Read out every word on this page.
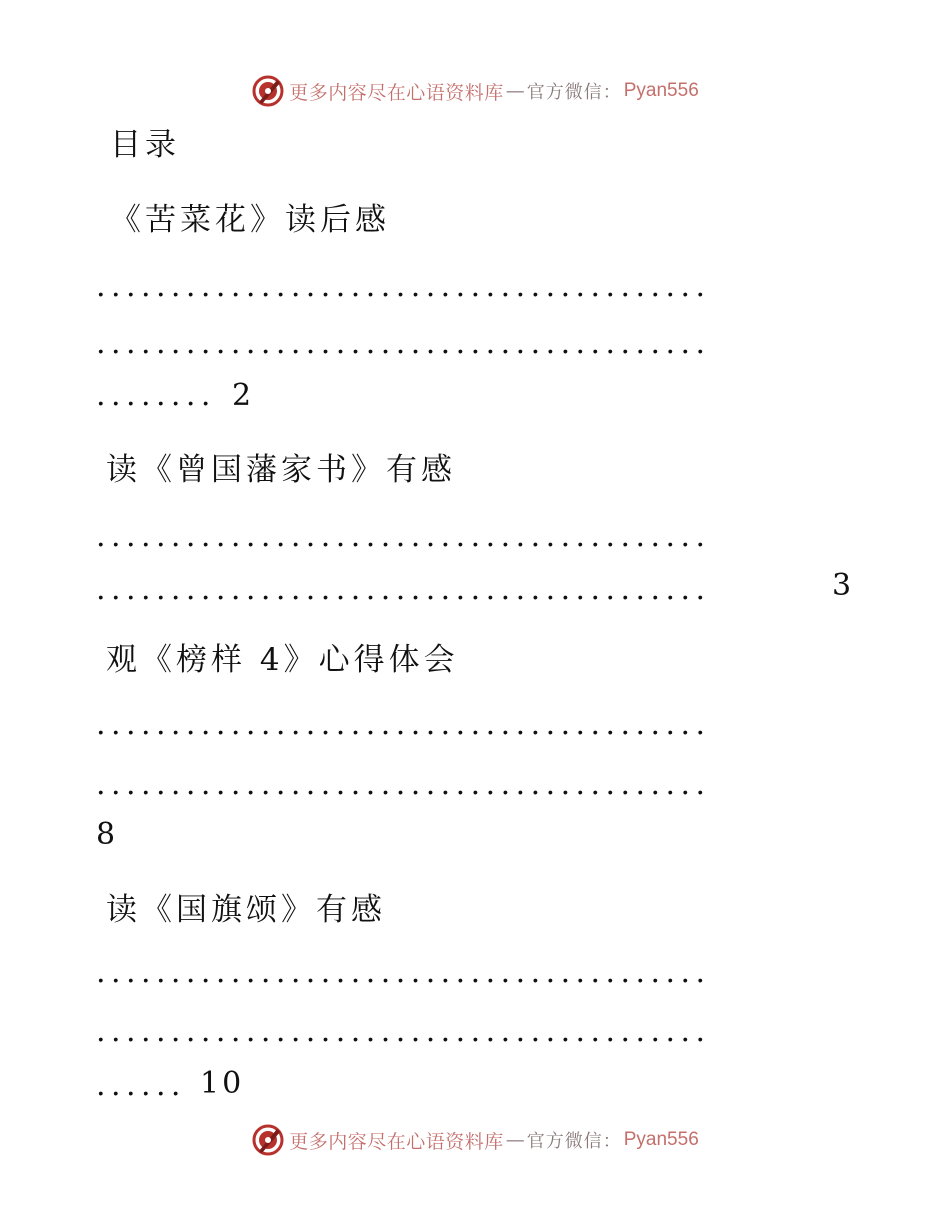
更多内容尽在心语资料库 — 官方微信： Pyan556
目录
《苦菜花》读后感
.........................................
.........................................
........ 2
读《曾国藩家书》有感
.........................................
.........................................	3
观《榜样 4》心得体会
.........................................
.........................................
8
读《国旗颂》有感
.........................................
.........................................
...... 10
更多内容尽在心语资料库 — 官方微信： Pyan556
